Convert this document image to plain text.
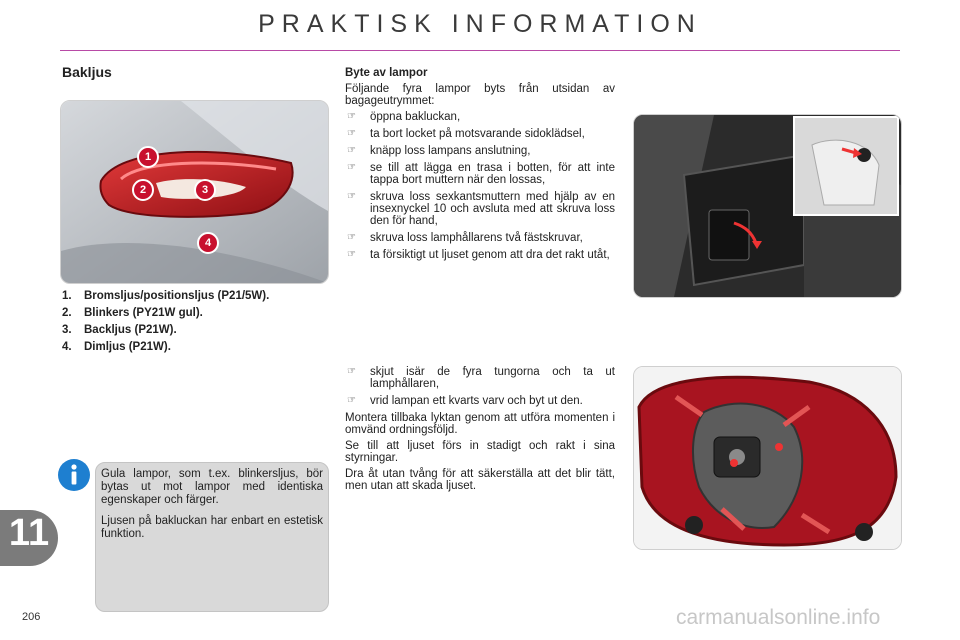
PRAKTISK INFORMATION
Bakljus
1
2	3
4
1.	Bromsljus/positionsljus (P21/5W).
2.	Blinkers (PY21W gul).
3.	Backljus (P21W).
4.	Dimljus (P21W).

Gula lampor, som t.ex. blinkersljus, bör bytas ut mot lampor med identiska egenskaper och färger.

Ljusen på bakluckan har enbart en estetisk funktion.

Byte av lampor

Följande fyra lampor byts från utsidan av bagageutrymmet:

☞ öppna bakluckan,
☞ ta bort locket på motsvarande sidoklädsel,
☞ knäpp loss lampans anslutning,
☞ se till att lägga en trasa i botten, för att inte tappa bort muttern när den lossas,
☞ skruva loss sexkantsmuttern med hjälp av en insexnyckel 10 och avsluta med att skruva loss den för hand,
☞ skruva loss lamphållarens två fästskruvar,
☞ ta försiktigt ut ljuset genom att dra det rakt utåt,
☞ skjut isär de fyra tungorna och ta ut lamphållaren,
☞ vrid lampan ett kvarts varv och byt ut den.

Montera tillbaka lyktan genom att utföra momenten i omvänd ordningsföljd.

Se till att ljuset förs in stadigt och rakt i sina styrningar.

Dra åt utan tvång för att säkerställa att det blir tätt, men utan att skada ljuset.

11
206	carmanualsonline.info
